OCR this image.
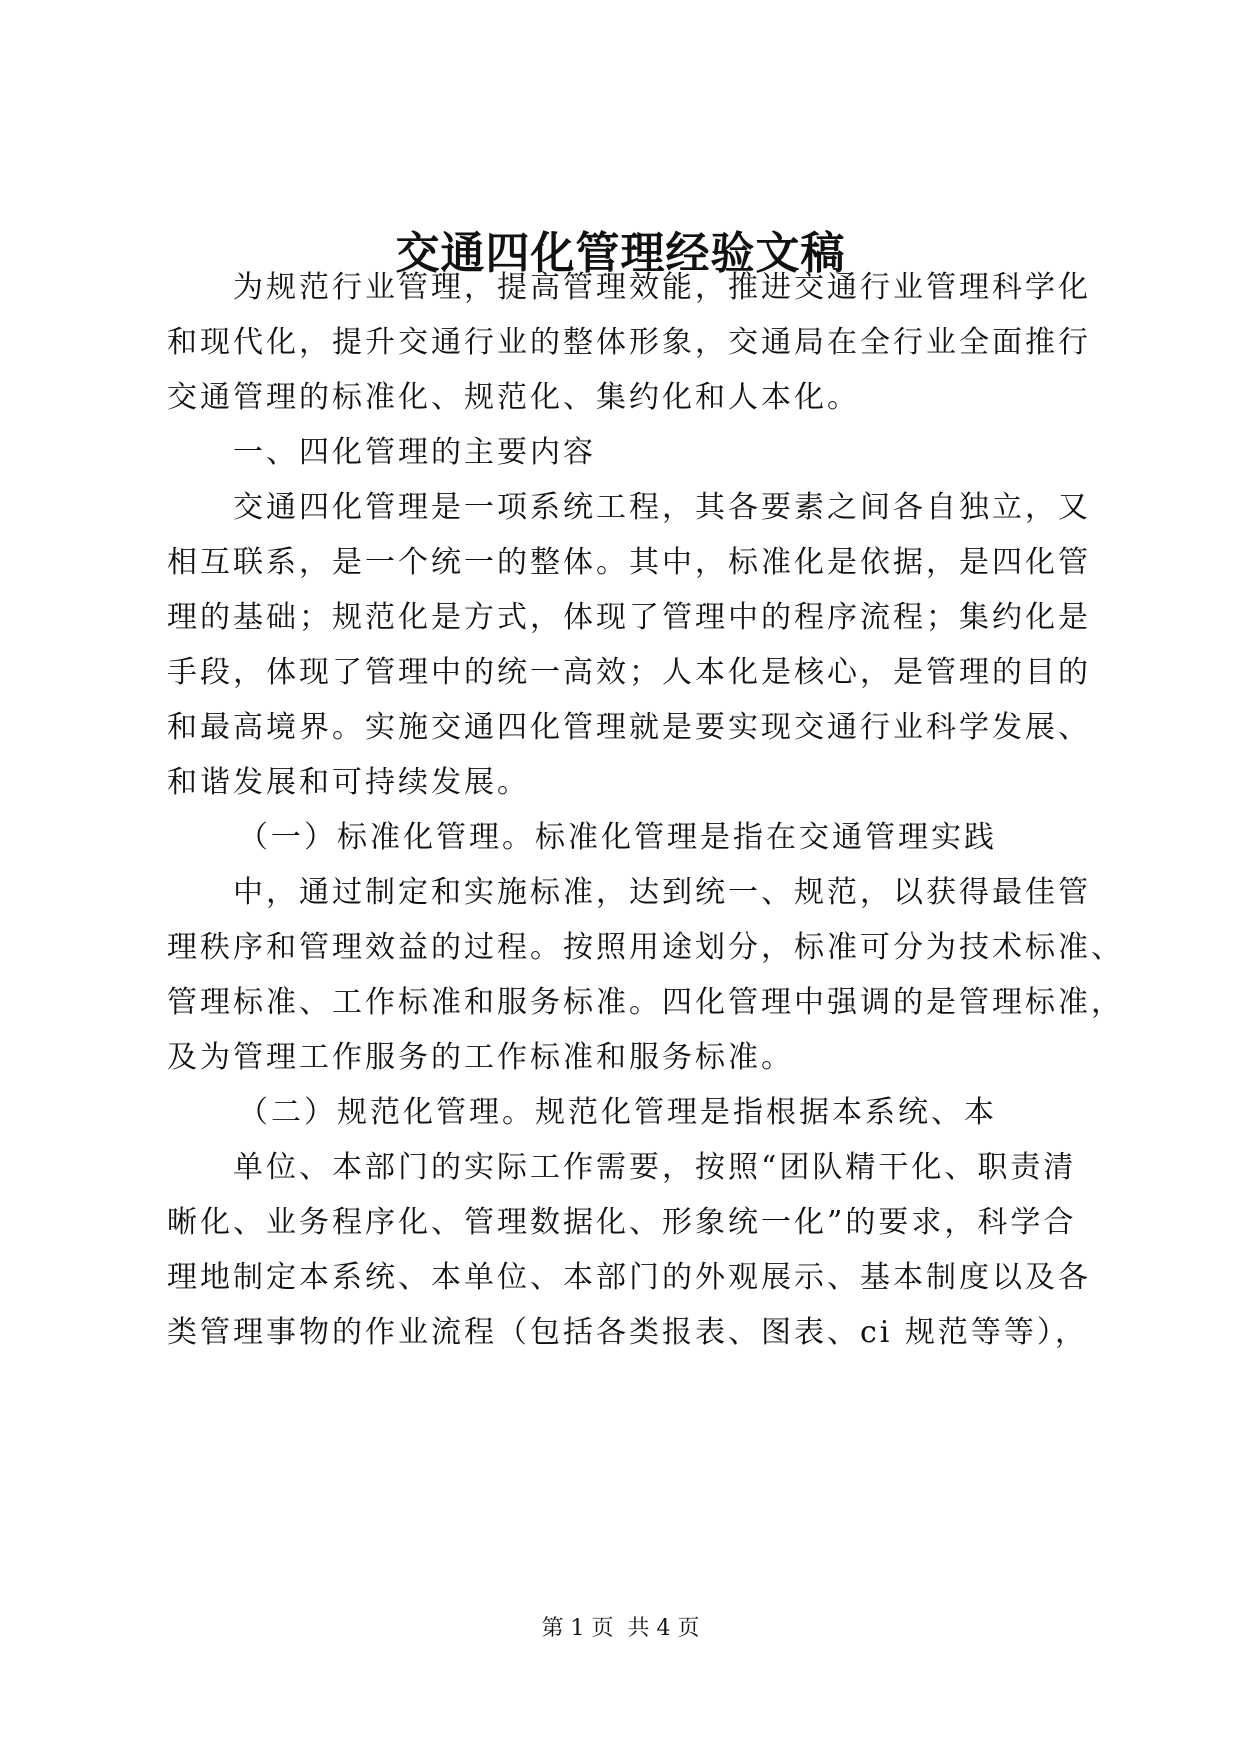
交通四化管理经验文稿
为规范行业管理，提高管理效能，推进交通行业管理科学化
和现代化，提升交通行业的整体形象，交通局在全行业全面推行
交通管理的标准化、规范化、集约化和人本化。
一、四化管理的主要内容
交通四化管理是一项系统工程，其各要素之间各自独立，又
相互联系，是一个统一的整体。其中，标准化是依据，是四化管
理的基础；规范化是方式，体现了管理中的程序流程；集约化是
手段，体现了管理中的统一高效；人本化是核心，是管理的目的
和最高境界。实施交通四化管理就是要实现交通行业科学发展、
和谐发展和可持续发展。
（一）标准化管理。标准化管理是指在交通管理实践
中，通过制定和实施标准，达到统一、规范，以获得最佳管
理秩序和管理效益的过程。按照用途划分，标准可分为技术标准、
管理标准、工作标准和服务标准。四化管理中强调的是管理标准，
及为管理工作服务的工作标准和服务标准。
（二）规范化管理。规范化管理是指根据本系统、本
单位、本部门的实际工作需要，按照“团队精干化、职责清
晰化、业务程序化、管理数据化、形象统一化”的要求，科学合
理地制定本系统、本单位、本部门的外观展示、基本制度以及各
类管理事物的作业流程（包括各类报表、图表、ci 规范等等），
第 1 页  共 4 页
